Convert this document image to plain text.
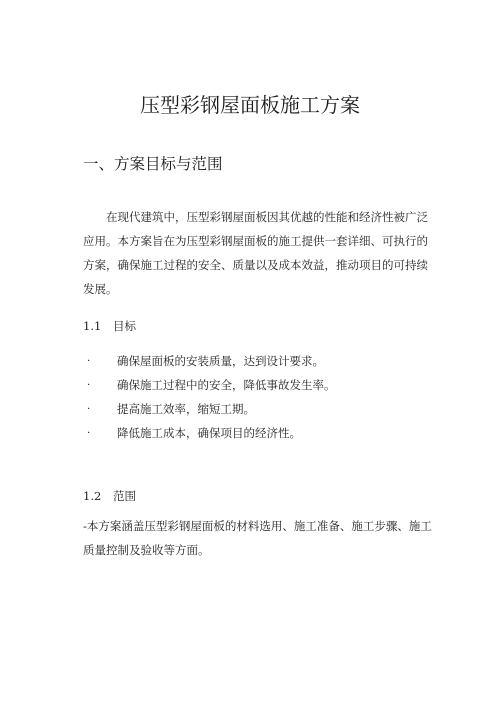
压型彩钢屋面板施工方案
一、方案目标与范围

在现代建筑中，压型彩钢屋面板因其优越的性能和经济性被广泛应用。本方案旨在为压型彩钢屋面板的施工提供一套详细、可执行的方案，确保施工过程的安全、质量以及成本效益，推动项目的可持续发展。

1.1 目标
·	确保屋面板的安装质量，达到设计要求。
·	确保施工过程中的安全，降低事故发生率。
·	提高施工效率，缩短工期。
·	降低施工成本，确保项目的经济性。
1.2 范围

-本方案涵盖压型彩钢屋面板的材料选用、施工准备、施工步骤、施工质量控制及验收等方面。
